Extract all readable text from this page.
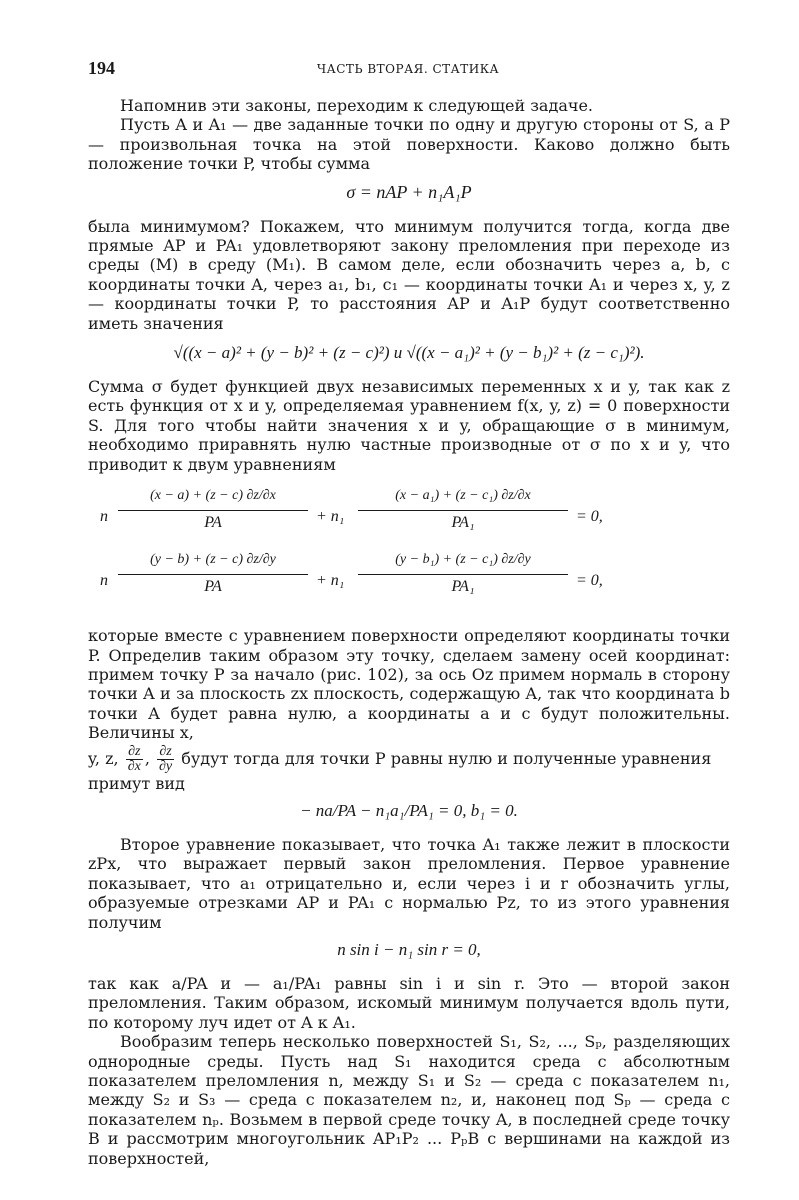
194	ЧАСТЬ ВТОРАЯ. СТАТИКА

Напомнив эти законы, переходим к следующей задаче.

Пусть A и A₁ — две заданные точки по одну и другую стороны от S, а P — произвольная точка на этой поверхности. Каково должно быть положение точки P, чтобы сумма

σ = nAP + n₁A₁P

была минимумом? Покажем, что минимум получится тогда, когда две прямые AP и PA₁ удовлетворяют закону преломления при переходе из среды (M) в среду (M₁). В самом деле, если обозначить через a, b, c координаты точки A, через a₁, b₁, c₁ — координаты точки A₁ и через x, y, z — координаты точки P, то расстояния AP и A₁P будут соответственно иметь значения

√((x − a)² + (y − b)² + (z − c)²) и √((x − a₁)² + (y − b₁)² + (z − c₁)²).

Сумма σ будет функцией двух независимых переменных x и y, так как z есть функция от x и y, определяемая уравнением f(x, y, z) = 0 поверхности S. Для того чтобы найти значения x и y, обращающие σ в минимум, необходимо приравнять нулю частные производные от σ по x и y, что приводит к двум уравнениям

n
(x − a) + (z − c) ∂z/∂x
PA	+ n₁
(x − a₁) + (z − c₁) ∂z/∂x
PA₁	= 0,
n
(y − b) + (z − c) ∂z/∂y
PA	+ n₁
(y − b₁) + (z − c₁) ∂z/∂y
PA₁	= 0,

которые вместе с уравнением поверхности определяют координаты точки P. Определив таким образом эту точку, сделаем замену осей координат: примем точку P за начало (рис. 102), за ось Oz примем нормаль в сторону точки A и за плоскость zx плоскость, содержащую A, так что координата b точки A будет равна нулю, а координаты a и c будут положительны. Величины x,

y, z, $\frac{\partial z}{\partial x}$ , $\frac{\partial z}{\partial y}$ будут тогда для точки P равны нулю и полученные уравнения

примут вид

− na/PA − n₁a₁/PA₁ = 0, b₁ = 0.

Второе уравнение показывает, что точка A₁ также лежит в плоскости zPx, что выражает первый закон преломления. Первое уравнение показывает, что a₁ отрицательно и, если через i и r обозначить углы, образуемые отрезками AP и PA₁ с нормалью Pz, то из этого уравнения получим

n sin i − n₁ sin r = 0,

так как a/PA и — a₁/PA₁ равны sin i и sin r. Это — второй закон преломления. Таким образом, искомый минимум получается вдоль пути, по которому луч идет от A к A₁.

Вообразим теперь несколько поверхностей S₁, S₂, ..., Sₚ, разделяющих однородные среды. Пусть над S₁ находится среда с абсолютным показателем преломления n, между S₁ и S₂ — среда с показателем n₁, между S₂ и S₃ — среда с показателем n₂, и, наконец под Sₚ — среда с показателем nₚ. Возьмем в первой среде точку A, в последней среде точку B и рассмотрим многоугольник AP₁P₂ ... PₚB с вершинами на каждой из поверхностей,
